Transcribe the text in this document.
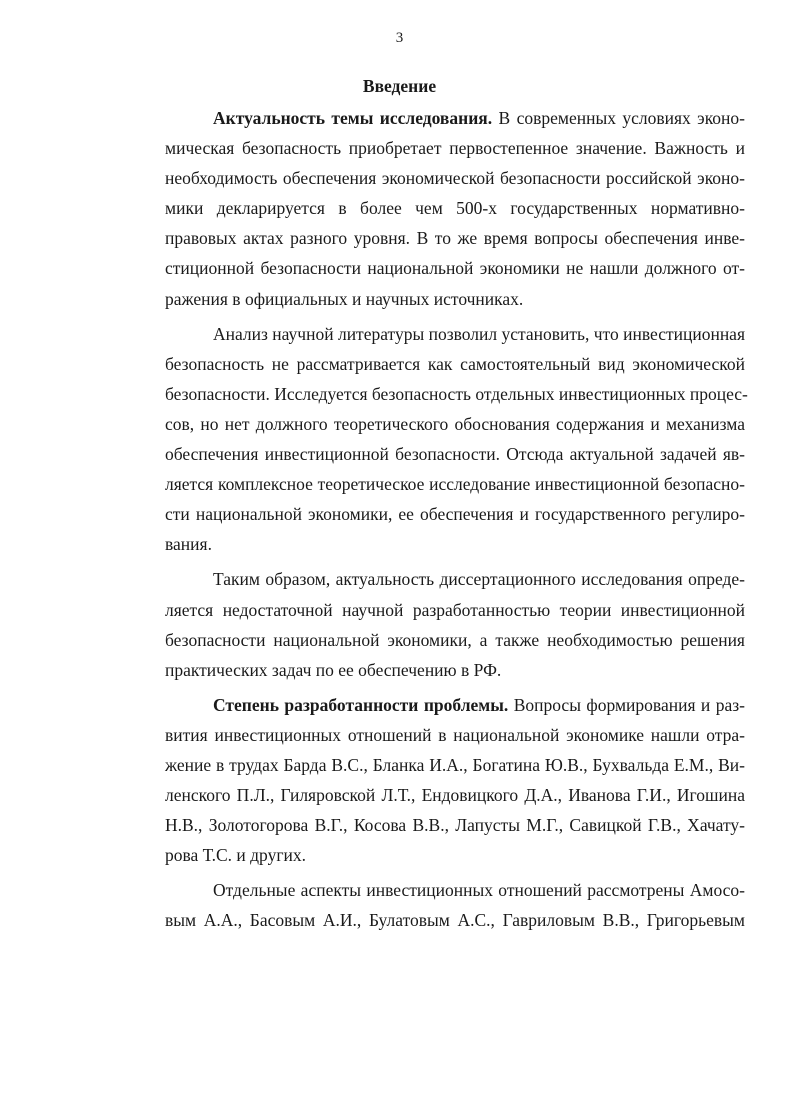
3
Введение
Актуальность темы исследования. В современных условиях эконо-
мическая безопасность приобретает первостепенное значение. Важность и
необходимость обеспечения экономической безопасности российской эконо-
мики декларируется в более чем 500-х государственных нормативно-
правовых актах разного уровня. В то же время вопросы обеспечения инве-
стиционной безопасности национальной экономики не нашли должного от-
ражения в официальных и научных источниках.
Анализ научной литературы позволил установить, что инвестиционная
безопасность не рассматривается как самостоятельный вид экономической
безопасности. Исследуется безопасность отдельных инвестиционных процес-
сов, но нет должного теоретического обоснования содержания и механизма
обеспечения инвестиционной безопасности. Отсюда актуальной задачей яв-
ляется комплексное теоретическое исследование инвестиционной безопасно-
сти национальной экономики, ее обеспечения и государственного регулиро-
вания.
Таким образом, актуальность диссертационного исследования опреде-
ляется недостаточной научной разработанностью теории инвестиционной
безопасности национальной экономики, а также необходимостью решения
практических задач по ее обеспечению в РФ.
Степень разработанности проблемы. Вопросы формирования и раз-
вития инвестиционных отношений в национальной экономике нашли отра-
жение в трудах Барда В.С., Бланка И.А., Богатина Ю.В., Бухвальда Е.М., Ви-
ленского П.Л., Гиляровской Л.Т., Ендовицкого Д.А., Иванова Г.И., Игошина
Н.В., Золотогорова В.Г., Косова В.В., Лапусты М.Г., Савицкой Г.В., Хачату-
рова Т.С. и других.
Отдельные аспекты инвестиционных отношений рассмотрены Амосо-
вым А.А., Басовым А.И., Булатовым А.С., Гавриловым В.В., Григорьевым
